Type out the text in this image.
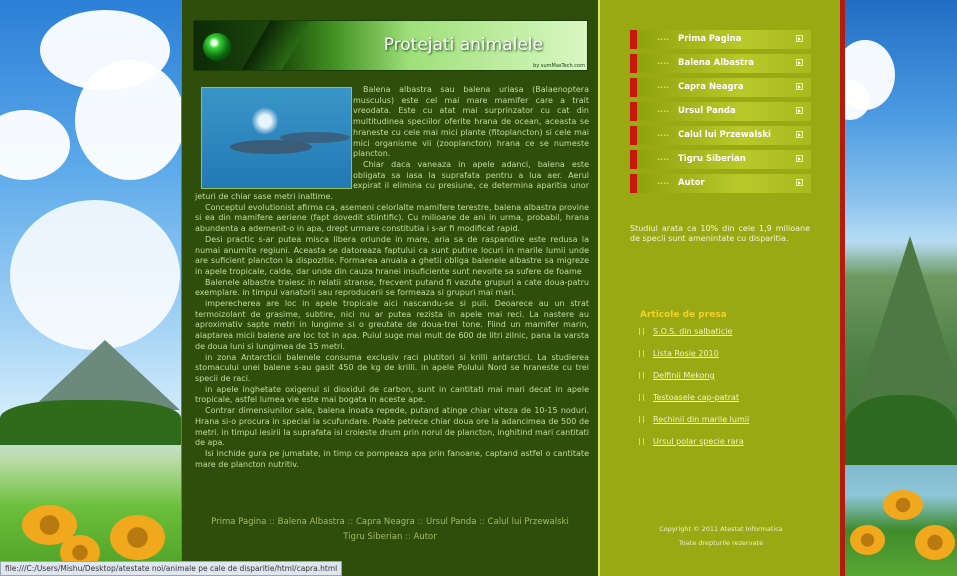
Protejati animalele
by sumMasTech.com

Balena albastra sau balena uriasa (Balaenoptera musculus) este cel mai mare mamifer care a trait vreodata. Este cu atat mai surprinzator cu cat din multitudinea speciilor oferite hrana de ocean, aceasta se hraneste cu cele mai mici plante (fitoplancton) si cele mai mici organisme vii (zooplancton) hrana ce se numeste plancton.

Chiar daca vaneaza in apele adanci, balena este obligata sa iasa la suprafata pentru a lua aer. Aerul expirat il elimina cu presiune, ce determina aparitia unor jeturi de chiar sase metri inaltime.

Conceptul evolutionist afirma ca, asemeni celorlalte mamifere terestre, balena albastra provine si ea din mamifere aeriene (fapt dovedit stiintific). Cu milioane de ani in urma, probabil, hrana abundenta a ademenit-o in apa, drept urmare constitutia i s-ar fi modificat rapid.

Desi practic s-ar putea misca libera oriunde in mare, aria sa de raspandire este redusa la numai anumite regiuni. Aceasta se datoreaza faptului ca sunt putine locuri in marile lumii unde are suficient plancton la dispozitie. Formarea anuala a ghetii obliga balenele albastre sa migreze in apele tropicale, calde, dar unde din cauza hranei insuficiente sunt nevoite sa sufere de foame

Balenele albastre traiesc in relatii stranse, frecvent putand fi vazute grupuri a cate doua-patru exemplare. in timpul vanatorii sau reproducerii se formeaza si grupuri mai mari.

imperecherea are loc in apele tropicale aici nascandu-se si puii. Deoarece au un strat termoizolant de grasime, subtire, nici nu ar putea rezista in apele mai reci. La nastere au aproximativ sapte metri in lungime si o greutate de doua-trei tone. Fiind un mamifer marin, alaptarea micii balene are loc tot in apa. Puiul suge mai mult de 600 de litri zilnic, pana la varsta de doua luni si lungimea de 15 metri.

in zona Antarcticii balenele consuma exclusiv raci plutitori si krilli antarctici. La studierea stomacului unei balene s-au gasit 450 de kg de krilli. in apele Polului Nord se hraneste cu trei specii de raci.

in apele inghetate oxigenul si dioxidul de carbon, sunt in cantitati mai mari decat in apele tropicale, astfel lumea vie este mai bogata in aceste ape.

Contrar dimensiunilor sale, balena inoata repede, putand atinge chiar viteza de 10-15 noduri. Hrana si-o procura in special la scufundare. Poate petrece chiar doua ore la adancimea de 500 de metri. in timpul iesirii la suprafata isi croieste drum prin norul de plancton, inghitind mari cantitati de apa.

Isi inchide gura pe jumatate, in timp ce pompeaza apa prin fanoane, captand astfel o cantitate mare de plancton nutritiv.

Prima Pagina :: Balena Albastra :: Capra Neagra :: Ursul Panda :: Calul lui Przewalski
Tigru Siberian :: Autor
···· Prima Pagina
···· Balena Albastra
···· Capra Neagra
···· Ursul Panda
···· Calul lui Przewalski
···· Tigru Siberian
···· Autor
Studiul arata ca 10% din cele 1,9 milioane de specii sunt amenintate cu disparitia.
Articole de presa
S.O.S. din salbaticie
Lista Rosie 2010
Delfinii Mekong
Testoasele cap-patrat
Rechinii din marile lumii
Ursul polar specie rara
Copyright © 2011 Atestat Informatica
Toate drepturile rezervate
file:///C:/Users/Mishu/Desktop/atestate noi/animale pe cale de disparitie/html/capra.html
